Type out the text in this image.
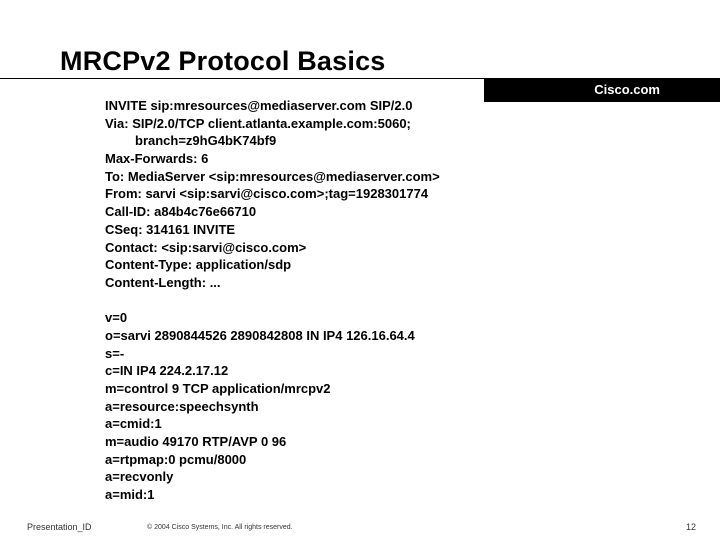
MRCPv2 Protocol Basics
Cisco.com
INVITE sip:mresources@mediaserver.com SIP/2.0
Via: SIP/2.0/TCP client.atlanta.example.com:5060;
branch=z9hG4bK74bf9
Max-Forwards: 6
To: MediaServer <sip:mresources@mediaserver.com>
From: sarvi <sip:sarvi@cisco.com>;tag=1928301774
Call-ID: a84b4c76e66710
CSeq: 314161 INVITE
Contact: <sip:sarvi@cisco.com>
Content-Type: application/sdp
Content-Length: ...
v=0
o=sarvi 2890844526 2890842808 IN IP4 126.16.64.4
s=-
c=IN IP4 224.2.17.12
m=control 9 TCP application/mrcpv2
a=resource:speechsynth
a=cmid:1
m=audio 49170 RTP/AVP 0 96
a=rtpmap:0 pcmu/8000
a=recvonly
a=mid:1
Presentation_ID	© 2004 Cisco Systems, Inc. All rights reserved.	12
